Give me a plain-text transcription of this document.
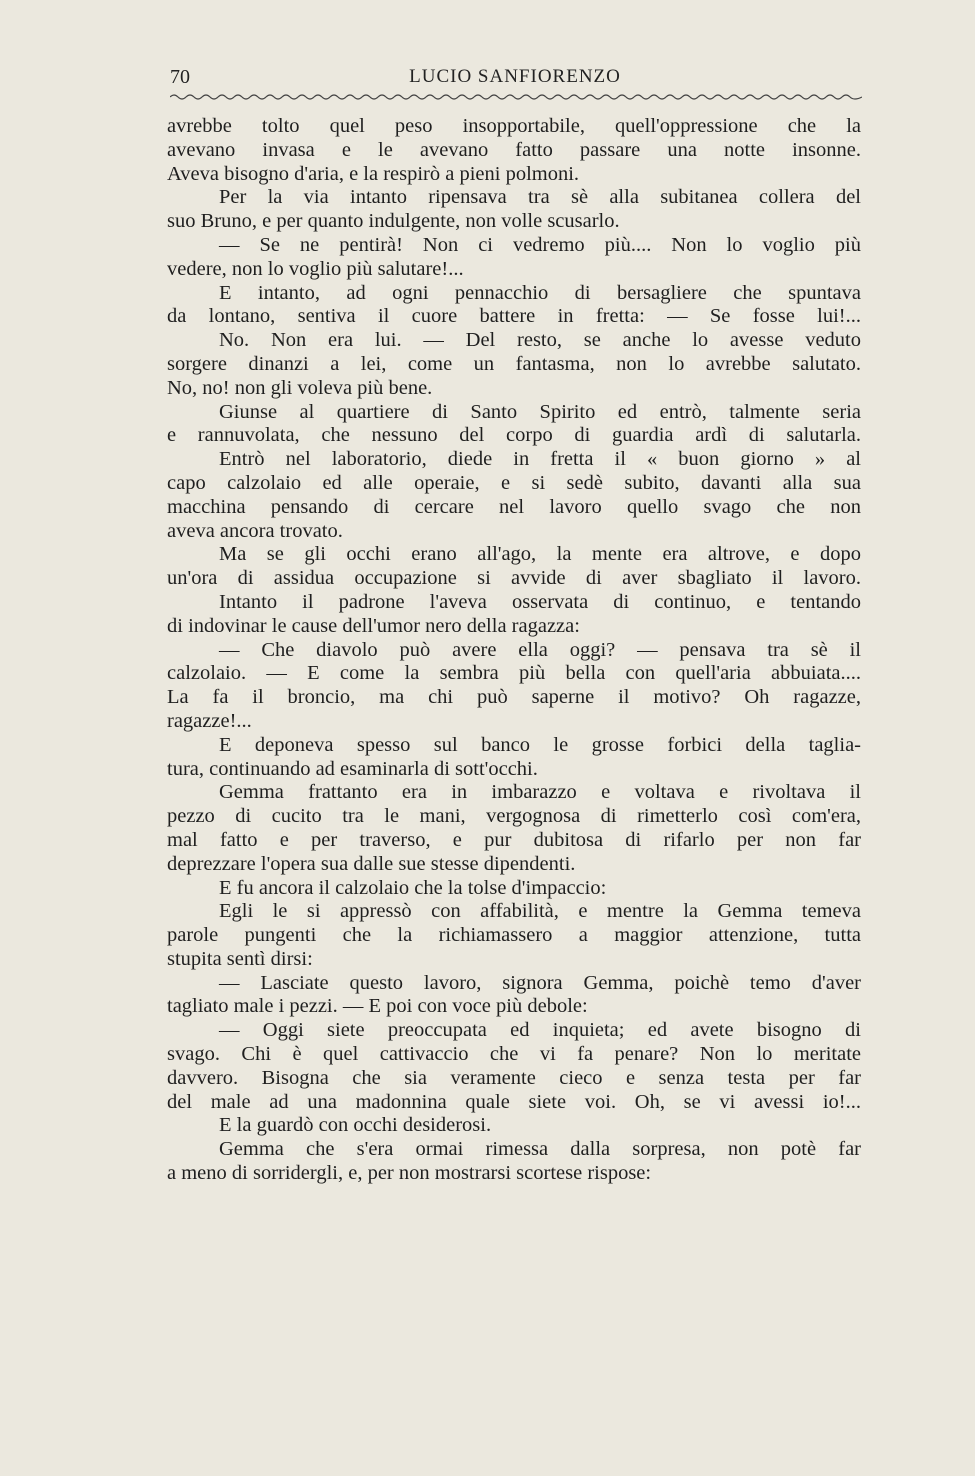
70	LUCIO SANFIORENZO
avrebbe tolto quel peso insopportabile, quell'oppressione che la
avevano invasa e le avevano fatto passare una notte insonne.
Aveva bisogno d'aria, e la respirò a pieni polmoni.
Per la via intanto ripensava tra sè alla subitanea collera del
suo Bruno, e per quanto indulgente, non volle scusarlo.
— Se ne pentirà! Non ci vedremo più.... Non lo voglio più
vedere, non lo voglio più salutare!...
E intanto, ad ogni pennacchio di bersagliere che spuntava
da lontano, sentiva il cuore battere in fretta: — Se fosse lui!...
No. Non era lui. — Del resto, se anche lo avesse veduto
sorgere dinanzi a lei, come un fantasma, non lo avrebbe salutato.
No, no! non gli voleva più bene.
Giunse al quartiere di Santo Spirito ed entrò, talmente seria
e rannuvolata, che nessuno del corpo di guardia ardì di salutarla.
Entrò nel laboratorio, diede in fretta il « buon giorno » al
capo calzolaio ed alle operaie, e si sedè subito, davanti alla sua
macchina pensando di cercare nel lavoro quello svago che non
aveva ancora trovato.
Ma se gli occhi erano all'ago, la mente era altrove, e dopo
un'ora di assidua occupazione si avvide di aver sbagliato il lavoro.
Intanto il padrone l'aveva osservata di continuo, e tentando
di indovinar le cause dell'umor nero della ragazza:
— Che diavolo può avere ella oggi? — pensava tra sè il
calzolaio. — E come la sembra più bella con quell'aria abbuiata....
La fa il broncio, ma chi può saperne il motivo? Oh ragazze,
ragazze!...
E deponeva spesso sul banco le grosse forbici della taglia-
tura, continuando ad esaminarla di sott'occhi.
Gemma frattanto era in imbarazzo e voltava e rivoltava il
pezzo di cucito tra le mani, vergognosa di rimetterlo così com'era,
mal fatto e per traverso, e pur dubitosa di rifarlo per non far
deprezzare l'opera sua dalle sue stesse dipendenti.
E fu ancora il calzolaio che la tolse d'impaccio:
Egli le si appressò con affabilità, e mentre la Gemma temeva
parole pungenti che la richiamassero a maggior attenzione, tutta
stupita sentì dirsi:
— Lasciate questo lavoro, signora Gemma, poichè temo d'aver
tagliato male i pezzi. — E poi con voce più debole:
— Oggi siete preoccupata ed inquieta; ed avete bisogno di
svago. Chi è quel cattivaccio che vi fa penare? Non lo meritate
davvero. Bisogna che sia veramente cieco e senza testa per far
del male ad una madonnina quale siete voi. Oh, se vi avessi io!...
E la guardò con occhi desiderosi.
Gemma che s'era ormai rimessa dalla sorpresa, non potè far
a meno di sorridergli, e, per non mostrarsi scortese rispose:
